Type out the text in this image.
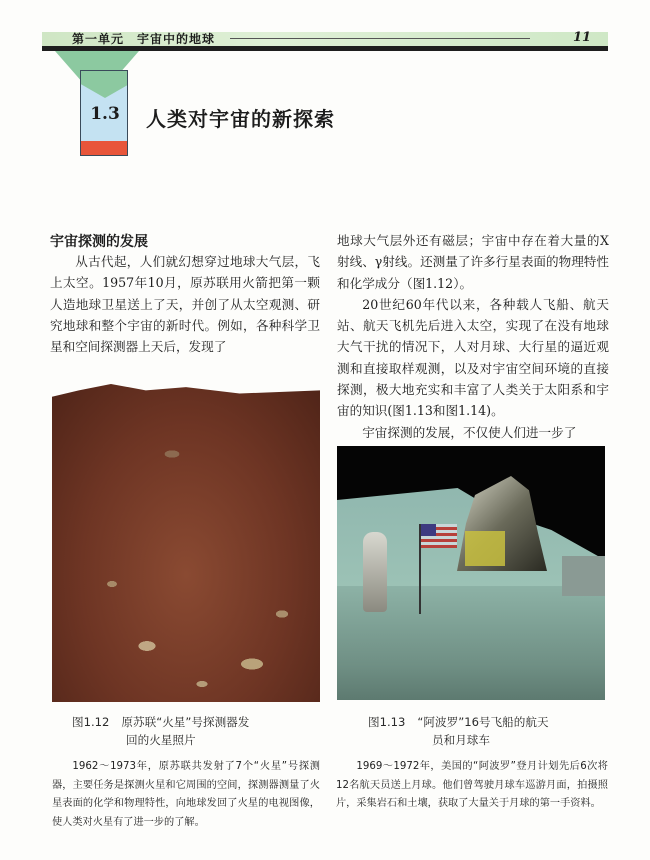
第一单元　宇宙中的地球	11
1.3	人类对宇宙的新探索
宇宙探测的发展
从古代起，人们就幻想穿过地球大气层，飞上太空。1957年10月，原苏联用火箭把第一颗人造地球卫星送上了天，并创了从太空观测、研究地球和整个宇宙的新时代。例如，各种科学卫星和空间探测器上天后，发现了
地球大气层外还有磁层；宇宙中存在着大量的X射线、γ射线。还测量了许多行星表面的物理特性和化学成分（图1.12）。
20世纪60年代以来，各种载人飞船、航天站、航天飞机先后进入太空，实现了在没有地球大气干扰的情况下，人对月球、大行星的逼近观测和直接取样观测，以及对宇宙空间环境的直接探测，极大地充实和丰富了人类关于太阳系和宇宙的知识(图1.13和图1.14)。
宇宙探测的发展，不仅使人们进一步了
图1.12 原苏联“火星”号探测器发
回的火星照片
图1.13 “阿波罗”16号飞船的航天
员和月球车
1962～1973年，原苏联共发射了7个“火星”号探测器，主要任务是探测火星和它周围的空间，探测器测量了火星表面的化学和物理特性，向地球发回了火星的电视图像，使人类对火星有了进一步的了解。
1969～1972年，美国的“阿波罗”登月计划先后6次将12名航天员送上月球。他们曾驾驶月球车巡游月面，拍摄照片，采集岩石和土壤，获取了大量关于月球的第一手资料。
